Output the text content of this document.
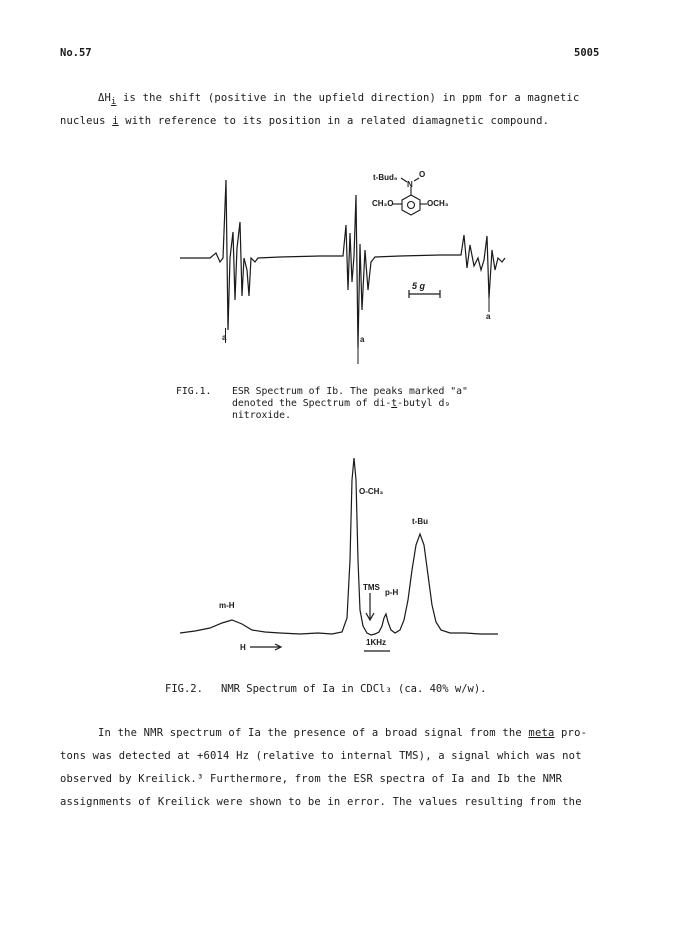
No.57	5005
$\Delta H_i$ is the shift (positive in the upfield direction) in ppm for a magnetic
nucleus i with reference to its position in a related diamagnetic compound.
5 g
a	a
a
t-Bud₉	O
N
CH₃O	OCH₃
FIG.1. ESR Spectrum of Ib. The peaks marked "a"
denoted the Spectrum of di-t-butyl d₉
nitroxide.
O-CH₃
t-Bu
TMS
p-H
m-H
H
1KHz
FIG.2. NMR Spectrum of Ia in CDCl₃ (ca. 40% w/w).
In the NMR spectrum of Ia the presence of a broad signal from the meta pro-
tons was detected at +6014 Hz (relative to internal TMS), a signal which was not
observed by Kreilick.³ Furthermore, from the ESR spectra of Ia and Ib the NMR
assignments of Kreilick were shown to be in error. The values resulting from the
